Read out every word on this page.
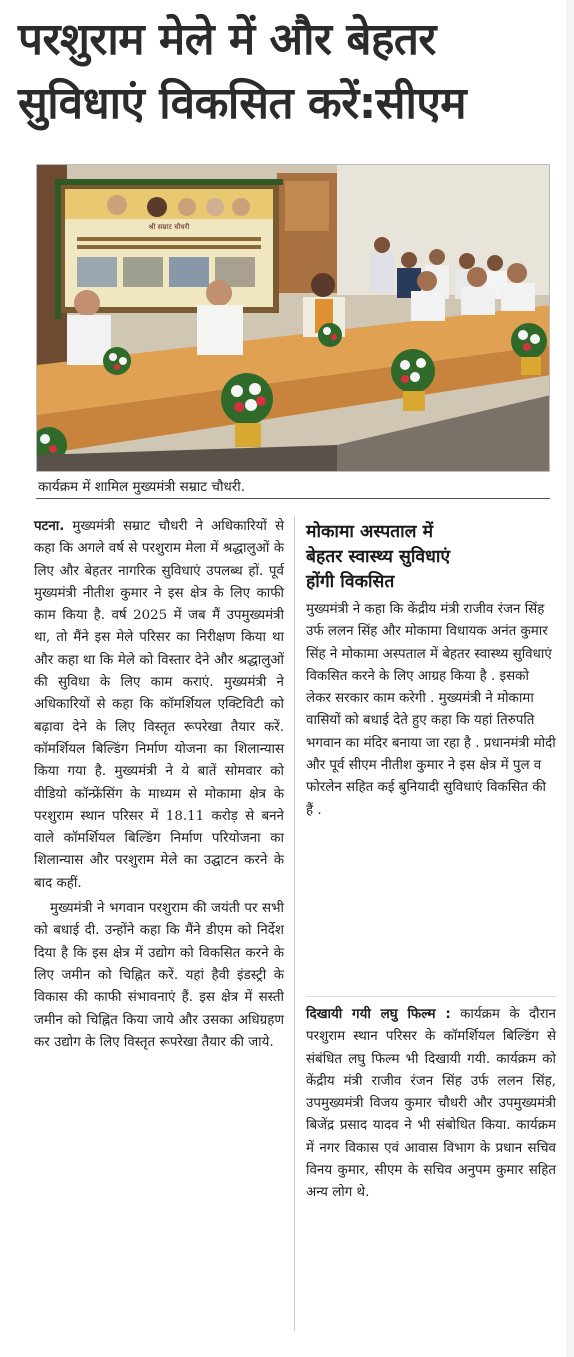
परशुराम मेले में और बेहतर
सुविधाएं विकसित करें:सीएम
श्री सम्राट चौधरी
कार्यक्रम में शामिल मुख्यमंत्री सम्राट चौधरी.

पटना. मुख्यमंत्री सम्राट चौधरी ने अधिकारियों से कहा कि अगले वर्ष से परशुराम मेला में श्रद्धालुओं के लिए और बेहतर नागरिक सुविधाएं उपलब्ध हों. पूर्व मुख्यमंत्री नीतीश कुमार ने इस क्षेत्र के लिए काफी काम किया है. वर्ष 2025 में जब मैं उपमुख्यमंत्री था, तो मैंने इस मेले परिसर का निरीक्षण किया था और कहा था कि मेले को विस्तार देने और श्रद्धालुओं की सुविधा के लिए काम कराएं. मुख्यमंत्री ने अधिकारियों से कहा कि कॉमर्शियल एक्टिविटी को बढ़ावा देने के लिए विस्तृत रूपरेखा तैयार करें. कॉमर्शियल बिल्डिंग निर्माण योजना का शिलान्यास किया गया है. मुख्यमंत्री ने ये बातें सोमवार को वीडियो कॉन्फ्रेंसिंग के माध्यम से मोकामा क्षेत्र के परशुराम स्थान परिसर में 18.11 करोड़ से बनने वाले कॉमर्शियल बिल्डिंग निर्माण परियोजना का शिलान्यास और परशुराम मेले का उद्घाटन करने के बाद कहीं.

मुख्यमंत्री ने भगवान परशुराम की जयंती पर सभी को बधाई दी. उन्होंने कहा कि मैंने डीएम को निर्देश दिया है कि इस क्षेत्र में उद्योग को विकसित करने के लिए जमीन को चिह्नित करें. यहां हैवी इंडस्ट्री के विकास की काफी संभावनाएं हैं. इस क्षेत्र में सस्ती जमीन को चिह्नित किया जाये और उसका अधिग्रहण कर उद्योग के लिए विस्तृत रूपरेखा तैयार की जाये.

मोकामा अस्पताल में
बेहतर स्वास्थ्य सुविधाएं
होंगी विकसित
मुख्यमंत्री ने कहा कि केंद्रीय मंत्री राजीव रंजन सिंह उर्फ ललन सिंह और मोकामा विधायक अनंत कुमार सिंह ने मोकामा अस्पताल में बेहतर स्वास्थ्य सुविधाएं विकसित करने के लिए आग्रह किया है . इसको लेकर सरकार काम करेगी . मुख्यमंत्री ने मोकामा वासियों को बधाई देते हुए कहा कि यहां तिरुपति भगवान का मंदिर बनाया जा रहा है . प्रधानमंत्री मोदी और पूर्व सीएम नीतीश कुमार ने इस क्षेत्र में पुल व फोरलेन सहित कई बुनियादी सुविधाएं विकसित की हैं .
दिखायी गयी लघु फिल्म : कार्यक्रम के दौरान परशुराम स्थान परिसर के कॉमर्शियल बिल्डिंग से संबंधित लघु फिल्म भी दिखायी गयी. कार्यक्रम को केंद्रीय मंत्री राजीव रंजन सिंह उर्फ ललन सिंह, उपमुख्यमंत्री विजय कुमार चौधरी और उपमुख्यमंत्री बिजेंद्र प्रसाद यादव ने भी संबोधित किया. कार्यक्रम में नगर विकास एवं आवास विभाग के प्रधान सचिव विनय कुमार, सीएम के सचिव अनुपम कुमार सहित अन्य लोग थे.
